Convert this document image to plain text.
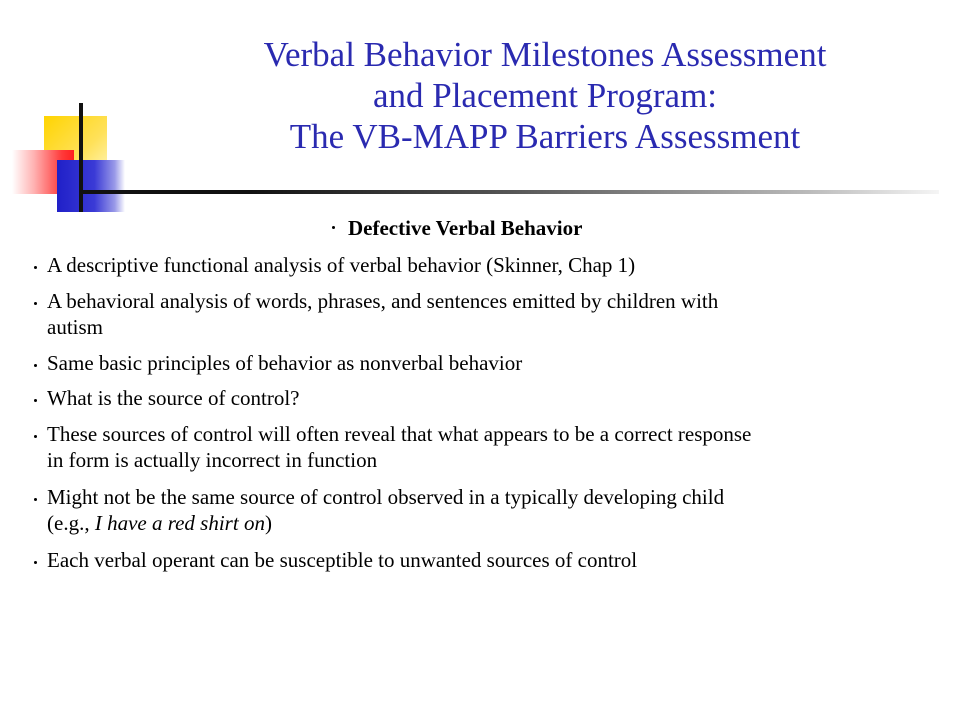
Verbal Behavior Milestones Assessment
and Placement Program:
The VB-MAPP Barriers Assessment
Defective Verbal Behavior
A descriptive functional analysis of verbal behavior (Skinner, Chap 1)
A behavioral analysis of words, phrases, and sentences emitted by children with
autism
Same basic principles of behavior as nonverbal behavior
What is the source of control?
These sources of control will often reveal that what appears to be a correct response
in form is actually incorrect in function
Might not be the same source of control observed in a typically developing child
(e.g., I have a red shirt on)
Each verbal operant can be susceptible to unwanted sources of control
